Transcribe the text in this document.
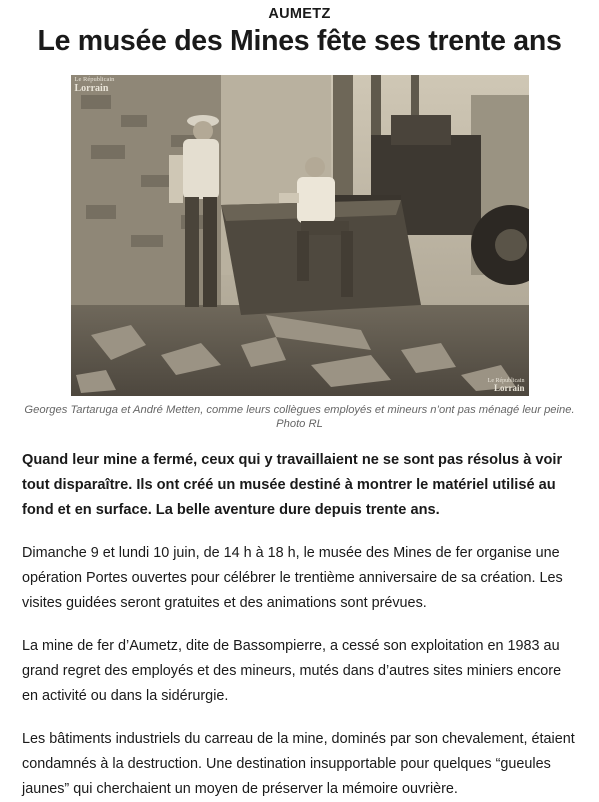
AUMETZ
Le musée des Mines fête ses trente ans
Le Républicain
Lorrain
Le Républicain
Lorrain

Georges Tartaruga et André Metten, comme leurs collègues employés et mineurs n’ont pas ménagé leur peine. Photo RL

Quand leur mine a fermé, ceux qui y travaillaient ne se sont pas résolus à voir tout disparaître. Ils ont créé un musée destiné à montrer le matériel utilisé au fond et en surface. La belle aventure dure depuis trente ans.

Dimanche 9 et lundi 10 juin, de 14 h à 18 h, le musée des Mines de fer organise une opération Portes ouvertes pour célébrer le trentième anniversaire de sa création. Les visites guidées seront gratuites et des animations sont prévues.

La mine de fer d’Aumetz, dite de Bassompierre, a cessé son exploitation en 1983 au grand regret des employés et des mineurs, mutés dans d’autres sites miniers encore en activité ou dans la sidérurgie.

Les bâtiments industriels du carreau de la mine, dominés par son chevalement, étaient condamnés à la destruction. Une destination insupportable pour quelques “gueules jaunes” qui cherchaient un moyen de préserver la mémoire ouvrière.
